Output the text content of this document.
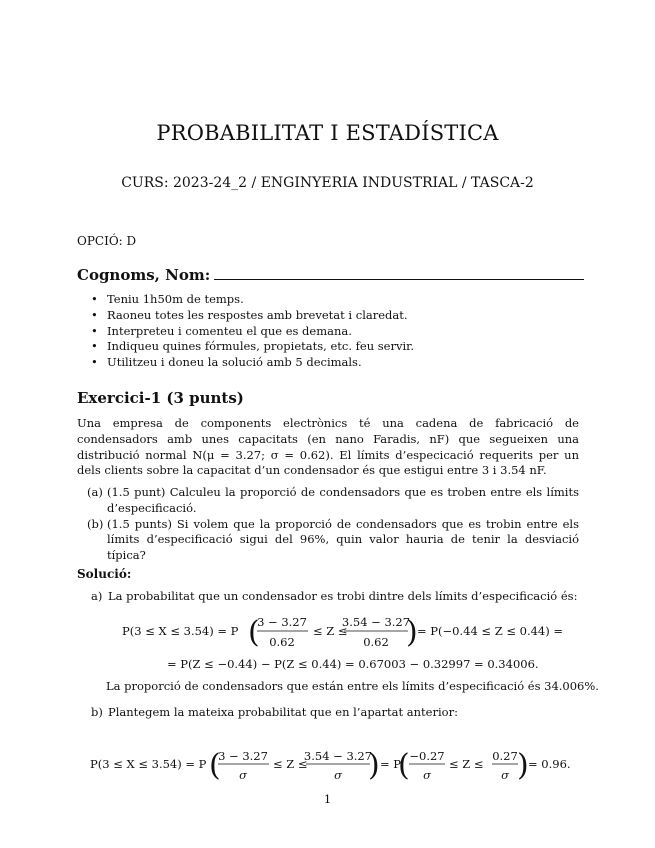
PROBABILITAT I ESTADÍSTICA
CURS: 2023-24_2 / ENGINYERIA INDUSTRIAL / TASCA-2
OPCIÓ: D
Cognoms, Nom:
• Teniu 1h50m de temps.
• Raoneu totes les respostes amb brevetat i claredat.
• Interpreteu i comenteu el que es demana.
• Indiqueu quines fórmules, propietats, etc. feu servir.
• Utilitzeu i doneu la solució amb 5 decimals.
Exercici-1 (3 punts)

Una empresa de components electrònics té una cadena de fabricació de condensadors amb unes capacitats (en nano Faradis, nF) que segueixen una distribució normal N(μ = 3.27; σ = 0.62). El límits d’especicació requerits per un dels clients sobre la capacitat d’un condensador és que estigui entre 3 i 3.54 nF.

(a) (1.5 punt) Calculeu la proporció de condensadors que es troben entre els límits d’especificació.
(b) (1.5 punts) Si volem que la proporció de condensadors que es trobin entre els límits d’especificació sigui del 96%, quin valor hauria de tenir la desviació típica?
Solució:
a) La probabilitat que un condensador es trobi dintre dels límits d’especificació és:
P(3 ≤ X ≤ 3.54) = P (
3 − 3.27
0.62
≤ Z ≤
3.54 − 3.27
0.62 ) = P(−0.44 ≤ Z ≤ 0.44) =
= P(Z ≤ −0.44) − P(Z ≤ 0.44) = 0.67003 − 0.32997 = 0.34006.
P(3 ≤ X ≤ 3.54) = P (
3 − 3.27
σ
≤ Z ≤
3.54 − 3.27
σ ) = P
( −0.27
σ
≤ Z ≤
0.27
σ ) = 0.96.
La proporció de condensadors que están entre els límits d’especificació és 34.006%.
b) Plantegem la mateixa probabilitat que en l’apartat anterior:
1
